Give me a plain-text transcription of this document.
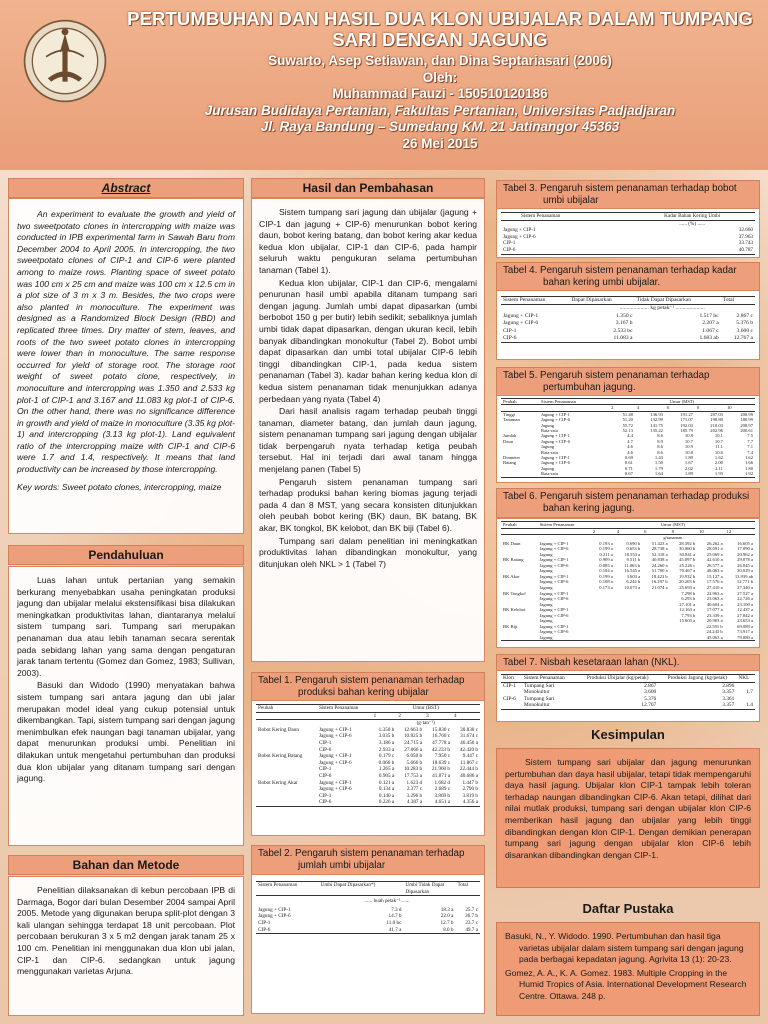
PERTUMBUHAN DAN HASIL DUA KLON UBIJALAR DALAM TUMPANG SARI DENGAN JAGUNG
Suwarto, Asep Setiawan, dan Dina Septariasari (2006)
Oleh:
Muhammad Fauzi - 150510120186
Jurusan Budidaya Pertanian, Fakultas Pertanian, Universitas Padjadjaran
Jl. Raya Bandung – Sumedang KM. 21 Jatinangor 45363
26 Mei 2015
Abstract

An experiment to evaluate the growth and yield of two sweetpotato clones in intercropping with maize was conducted in IPB experimental farm in Sawah Baru from December 2004 to April 2005. In intercropping, the two sweetpotato clones of CIP-1 and CIP-6 were planted among to maize rows. Planting space of sweet potato was 100 cm x 25 cm and maize was 100 cm x 12.5 cm in a plot size of 3 m x 3 m. Besides, the two crops were also planted in monoculture. The experiment was designed as a Randomized Block Design (RBD) and replicated three times. Dry matter of stem, leaves, and roots of the two sweet potato clones in intercropping were lower than in monoculture. The same response occurred for yield of storage root. The storage root weight of sweet potato clone, respectively, in monoculture and intercropping was 1.350 and 2.533 kg plot-1 of CIP-1 and 3.167 and 11.083 kg plot-1 of CIP-6. On the other hand, there was no significance difference in growth and yield of maize in monoculture (3.35 kg plot-1) and intercropping (3.13 kg plot-1). Land equivalent ratio of the intercropping maize with CIP-1 and CIP-6 were 1.7 and 1.4, respectively. It means that land productivity can be increased by those intercropping.

Key words: Sweet potato clones, intercropping, maize

Pendahuluan

Luas lahan untuk pertanian yang semakin berkurang menyebabkan usaha peningkatan produksi jagung dan ubijalar melalui ekstensifikasi bisa dilakukan meningkatkan produktivitas lahan, diantaranya melalui sistem tumpang sari. Tumpang sari merupakan penanaman dua atau lebih tanaman secara serentak pada sebidang lahan yang sama dengan pengaturan jarak tanam tertentu (Gomez dan Gomez, 1983; Sullivan, 2003).

Basuki dan Widodo (1990) menyatakan bahwa sistem tumpang sari antara jagung dan ubi jalar merupakan model ideal yang cukup potensial untuk dikembangkan. Tapi, sistem tumpang sari dengan jagung menimbulkan efek naungan bagi tanaman ubijalar, yang dapat menurunkan produksi umbi. Penelitian ini dilakukan untuk mengetahui pertumbuhan dan produksi dua klon ubijalar yang ditanam tumpang sari dengan jagung.

Bahan dan Metode

Penelitian dilaksanakan di kebun percobaan IPB di Darmaga, Bogor dari bulan Desember 2004 sampai April 2005. Metode yang digunakan berupa split-plot dengan 3 kali ulangan sehingga terdapat 18 unit percobaan. Plot percobaan berukuran 3 x 5 m2 dengan jarak tanam 25 x 100 cm. Penelitian ini menggunakan dua klon ubi jalan, CIP-1 dan CIP-6. sedangkan untuk jagung menggunakan varietas Arjuna.

Hasil dan Pembahasan

Sistem tumpang sari jagung dan ubijalar (jagung + CIP-1 dan jagung + CIP-6) menurunkan bobot kering daun, bobot kering batang, dan bobot kering akar kedua kedua klon ubijalar, CIP-1 dan CIP-6, pada hampir seluruh waktu pengukuran selama pertumbuhan tanaman (Tabel 1).

Kedua klon ubijalar, CIP-1 dan CIP-6, mengalami penurunan hasil umbi apabila ditanam tumpang sari dengan jagung. Jumlah umbi dapat dipasarkan (umbi berbobot 150 g per butir) lebih sedikit; sebaliknya jumlah umbi tidak dapat dipasarkan, dengan ukuran kecil, lebih banyak dibandingkan monokultur (Tabel 2). Bobot umbi dapat dipasarkan dan umbi total ubijalar CIP-6 lebih tinggi dibandingkan CIP-1, pada kedua sistem penanaman (Tabel 3). kadar bahan kering kedua klon di kedua sistem penanaman tidak menunjukkan adanya perbedaan yang nyata (Tabel 4)

Dari hasil analisis ragam terhadap peubah tinggi tanaman, diameter batang, dan jumlah daun jagung, sistem penanaman tumpang sari jagung dengan ubijalar tidak berpengaruh nyata terhadap ketiga peubah tersebut. Hal ini terjadi dari awal tanam hingga menjelang panen (Tabel 5)

Pengaruh sistem penanaman tumpang sari terhadap produksi bahan kering biomas jagung terjadi pada 4 dan 8 MST, yang secara konsisten ditunjukkan oleh peubah bobot kering (BK) daun, BK batang, BK akar, BK tongkol, BK kelobot, dan BK biji (Tabel 6).

Tumpang sari dalam penelitian ini meningkatkan produktivitas lahan dibandingkan monokultur, yang ditunjukan oleh NKL > 1 (Tabel 7)

Tabel 1. Pengaruh sistem penanaman terhadap produksi bahan kering ubijalar
Peubah	Sistem Penanaman	Umur (BST)			
		1	2	3	4
		(g·tan⁻¹)			
Bobot Kering Daun	Jagung + CIP-1	1.350 b	12.663 b	15.830 c	30.830 c
	Jagung + CIP-6	3.035 b	10.825 b	16.760 c	31.674 c
	CIP-1	3.186 a	24.715 a	47.778 a	46.456 a
	CIP-6	2.933 a	27.066 a	42.233 b	42.420 b
Bobot Kering Batang	Jagung + CIP-1	0.179 c	6.050 b	7.950 c	9.447 c
	Jagung + CIP-6	0.066 b	5.666 b	18.639 c	11.867 c
	CIP-1	1.265 a	10.283 b	21.960 b	22.444 b
	CIP-6	0.905 a	17.753 a	41.871 a	40.686 a
Bobot Kering Akar	Jagung + CIP-1	0.121 a	1.623 d	1.682 d	1.447 b
	Jagung + CIP-6	0.134 a	2.377 c	2.689 c	2.790 b
	CIP-1	0.140 a	3.296 b	3.869 b	3.819 b
	CIP-6	0.226 a	4.387 a	4.651 a	4.356 a
Tabel 2. Pengaruh sistem penanaman terhadap jumlah umbi ubijalar
Sistem Penanaman	Umbi Dapat Dipasarkan*)	Umbi Tidak Dapat Dipasarkan	Total
	...... buah petak⁻¹ ......		
Jagung + CIP-1	7.3 d	18.3 a	25.7 c
Jagung + CIP-6	14.7 b	22.0 a	36.7 b
CIP-1	11.0 bc	12.7 b	23.7 c
CIP-6	41.7 a	8.0 b	49.7 a
Tabel 3. Pengaruh sistem penanaman terhadap bobot umbi ubijalar
Sistem Penanaman	Kadar Bahan Kering Umbi
	...... (%) ......
Jagung + CIP-1	32.660
Jagung + CIP-6	37.963
CIP-1	33.743
CIP-6	40.787
Tabel 4. Pengaruh sistem penanaman terhadap kadar bahan kering umbi ubijalar.
Sistem Penanaman	Dapat Dipasarkan	Tidak Dapat Dipasarkan	Total
	..................... kg petak⁻¹ .....................		
Jagung + CIP-1	1.350 c	1.517 bc	2.867 c
Jagung + CIP-6	3.167 b	2.207 a	5.376 b
CIP-1	2.533 bc	1.067 c	3.600 c
CIP-6	11.083 a	1.683 ab	12.767 a
Tabel 5. Pengaruh sistem penanaman terhadap pertumbuhan jagung.
Peubah	Sistem Penanaman	Umur (MST)				
		2	4	6	8	10
Tinggi	Jagung + CIP-1	51.48	136.93	191.27	207.03	208.99
Tanaman	Jagung + CIP-6	51.20	132.99	171.07	190.80	180.99
	Jagung	55.72	141.75	192.03	210.03	208.97
	Rata-rata	52.13	135.22	185.79	202.96	200.61
Jumlah	Jagung + CIP-1	4.4	8.6	10.8	10.1	7.5
Daun	Jagung + CIP-6	4.7	8.9	10.7	10.7	7.7
	Jagung	4.6	8.6	10.9	11.1	7.1
	Rata-rata	4.6	8.6	10.8	10.6	7.4
Diameter	Jagung + CIP-1	0.69	1.43	1.80	1.62	1.62
Batang	Jagung + CIP-6	0.61	1.50	1.67	2.00	1.66
	Jagung	0.71	1.79	2.02	2.11	1.80
	Rata-rata	0.67	1.64	1.89	1.93	1.92
Tabel 6. Pengaruh sistem penanaman terhadap produksi bahan kering jagung.
Peubah	Sistem Penanaman	Umur (MST)					
		2	4	6	8	10	12
		g/tanaman					
BK Daun	Jagung + CIP-1	0.193 a	0.690 b	51.423 a	28.392 b	26.262 a	16.605 a
	Jagung + CIP-6	0.199 a	0.653 b	28.738 a	30.060 b	28.091 a	17.090 a
	Jagung	0.211 a	18.553 a	52.318 a	30.841 a	25.069 a	20.962 a
BK Batang	Jagung + CIP-1	0.909 a	9.511 b	40.838 a	45.097 b	42.610 a	29.078 a
	Jagung + CIP-6	0.085 a	11.063 b	24.260 a	25.226 c	26.577 a	26.045 a
	Jagung	0.104 a	16.545 a	51.700 a	70.467 a	46.063 a	30.029 a
BK Akar	Jagung + CIP-1	0.199 a	3.603 a	18.423 b	19.932 b	15.127 a	13.939 ab
	Jagung + CIP-6	0.108 a	6.244 b	16.297 b	20.203 b	17.576 a	12.771 b
	Jagung	0.173 a	10.073 a	21.074 a	25.693 a	27.410 a	27.340 a
BK Tongkol	Jagung + CIP-1				7.298 b	22.963 a	27.527 a
	Jagung + CIP-6				6.293 b	23.063 a	22.726 a
	Jagung				27.101 a	40.604 a	23.100 a
BK Kelobot	Jagung + CIP-1				12.163 a	17.077 a	12.437 a
	Jagung + CIP-6				7.793 b	23.339 a	27.842 a
	Jagung				15.603 a	20.903 a	23.653 a
BK Biji	Jagung + CIP-1					22.591 b	69.089 a
	Jagung + CIP-6					24.243 b	73.917 a
	Jagung					45.063 a	79.080 a
Tabel 7. Nisbah kesetaraan lahan (NKL).
Klon	Sistem Penanaman	Produksi Ubijalar (kg/petak)	Produksi Jagung (kg/petak)	NKL
CIP-1	Tumpang Sari	2.867	2.896	
	Monokultur	3.600	3.357	1.7
CIP-6	Tumpang Sari	5.376	3.361	
	Monokultur	12.767	3.357	1.4
Kesimpulan

Sistem tumpang sari ubijalar dan jagung menurunkan pertumbuhan dan daya hasil ubijalar, tetapi tidak mempengaruhi daya hasil jagung. Ubijalar klon CIP-1 tampak lebih toleran terhadap naungan dibandingkan CIP-6. Akan tetapi, dilihat dari nilai mutlak produksi, tumpang sari dengan ubijalar klon CIP-6 memberikan hasil jagung dan ubijalar yang lebih tinggi dibandingkan dengan klon CIP-1. Dengan demikian penerapan tumpang sari jagung dengan ubijalar klon CIP-6 lebih disarankan dibandingkan dengan CIP-1.

Daftar Pustaka
Basuki, N., Y. Widodo. 1990. Pertumbuhan dan hasil tiga varietas ubijalar dalam sistem tumpang sari dengan jagung pada berbagai kepadatan jagung. Agrivita 13 (1): 20-23.
Gomez, A. A., K. A. Gomez. 1983. Multiple Cropping in the Humid Tropics of Asia. International Development Research Centre. Ottawa. 248 p.
